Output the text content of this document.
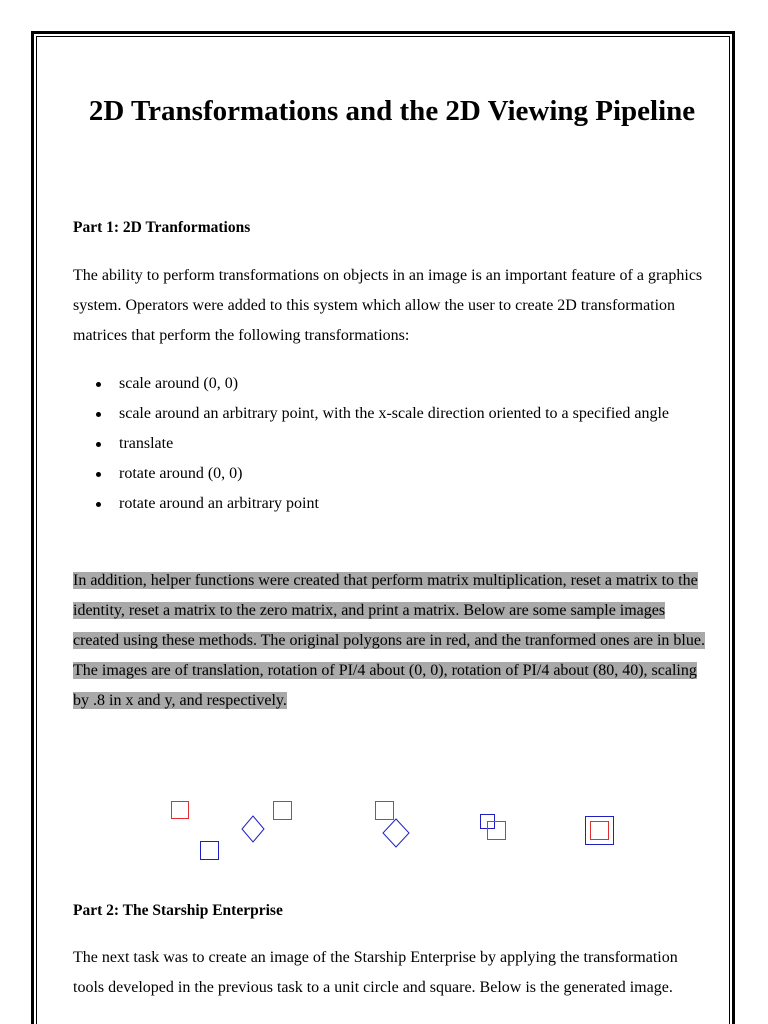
2D Transformations and the 2D Viewing Pipeline
Part 1: 2D Tranformations

The ability to perform transformations on objects in an image is an important feature of a graphics system. Operators were added to this system which allow the user to create 2D transformation matrices that perform the following transformations:

scale around (0, 0)
scale around an arbitrary point, with the x-scale direction oriented to a specified angle
translate
rotate around (0, 0)
rotate around an arbitrary point

In addition, helper functions were created that perform matrix multiplication, reset a matrix to the identity, reset a matrix to the zero matrix, and print a matrix. Below are some sample images created using these methods. The original polygons are in red, and the tranformed ones are in blue. The images are of translation, rotation of PI/4 about (0, 0), rotation of PI/4 about (80, 40), scaling by .8 in x and y, and respectively.

Part 2: The Starship Enterprise

The next task was to create an image of the Starship Enterprise by applying the transformation tools developed in the previous task to a unit circle and square. Below is the generated image.
